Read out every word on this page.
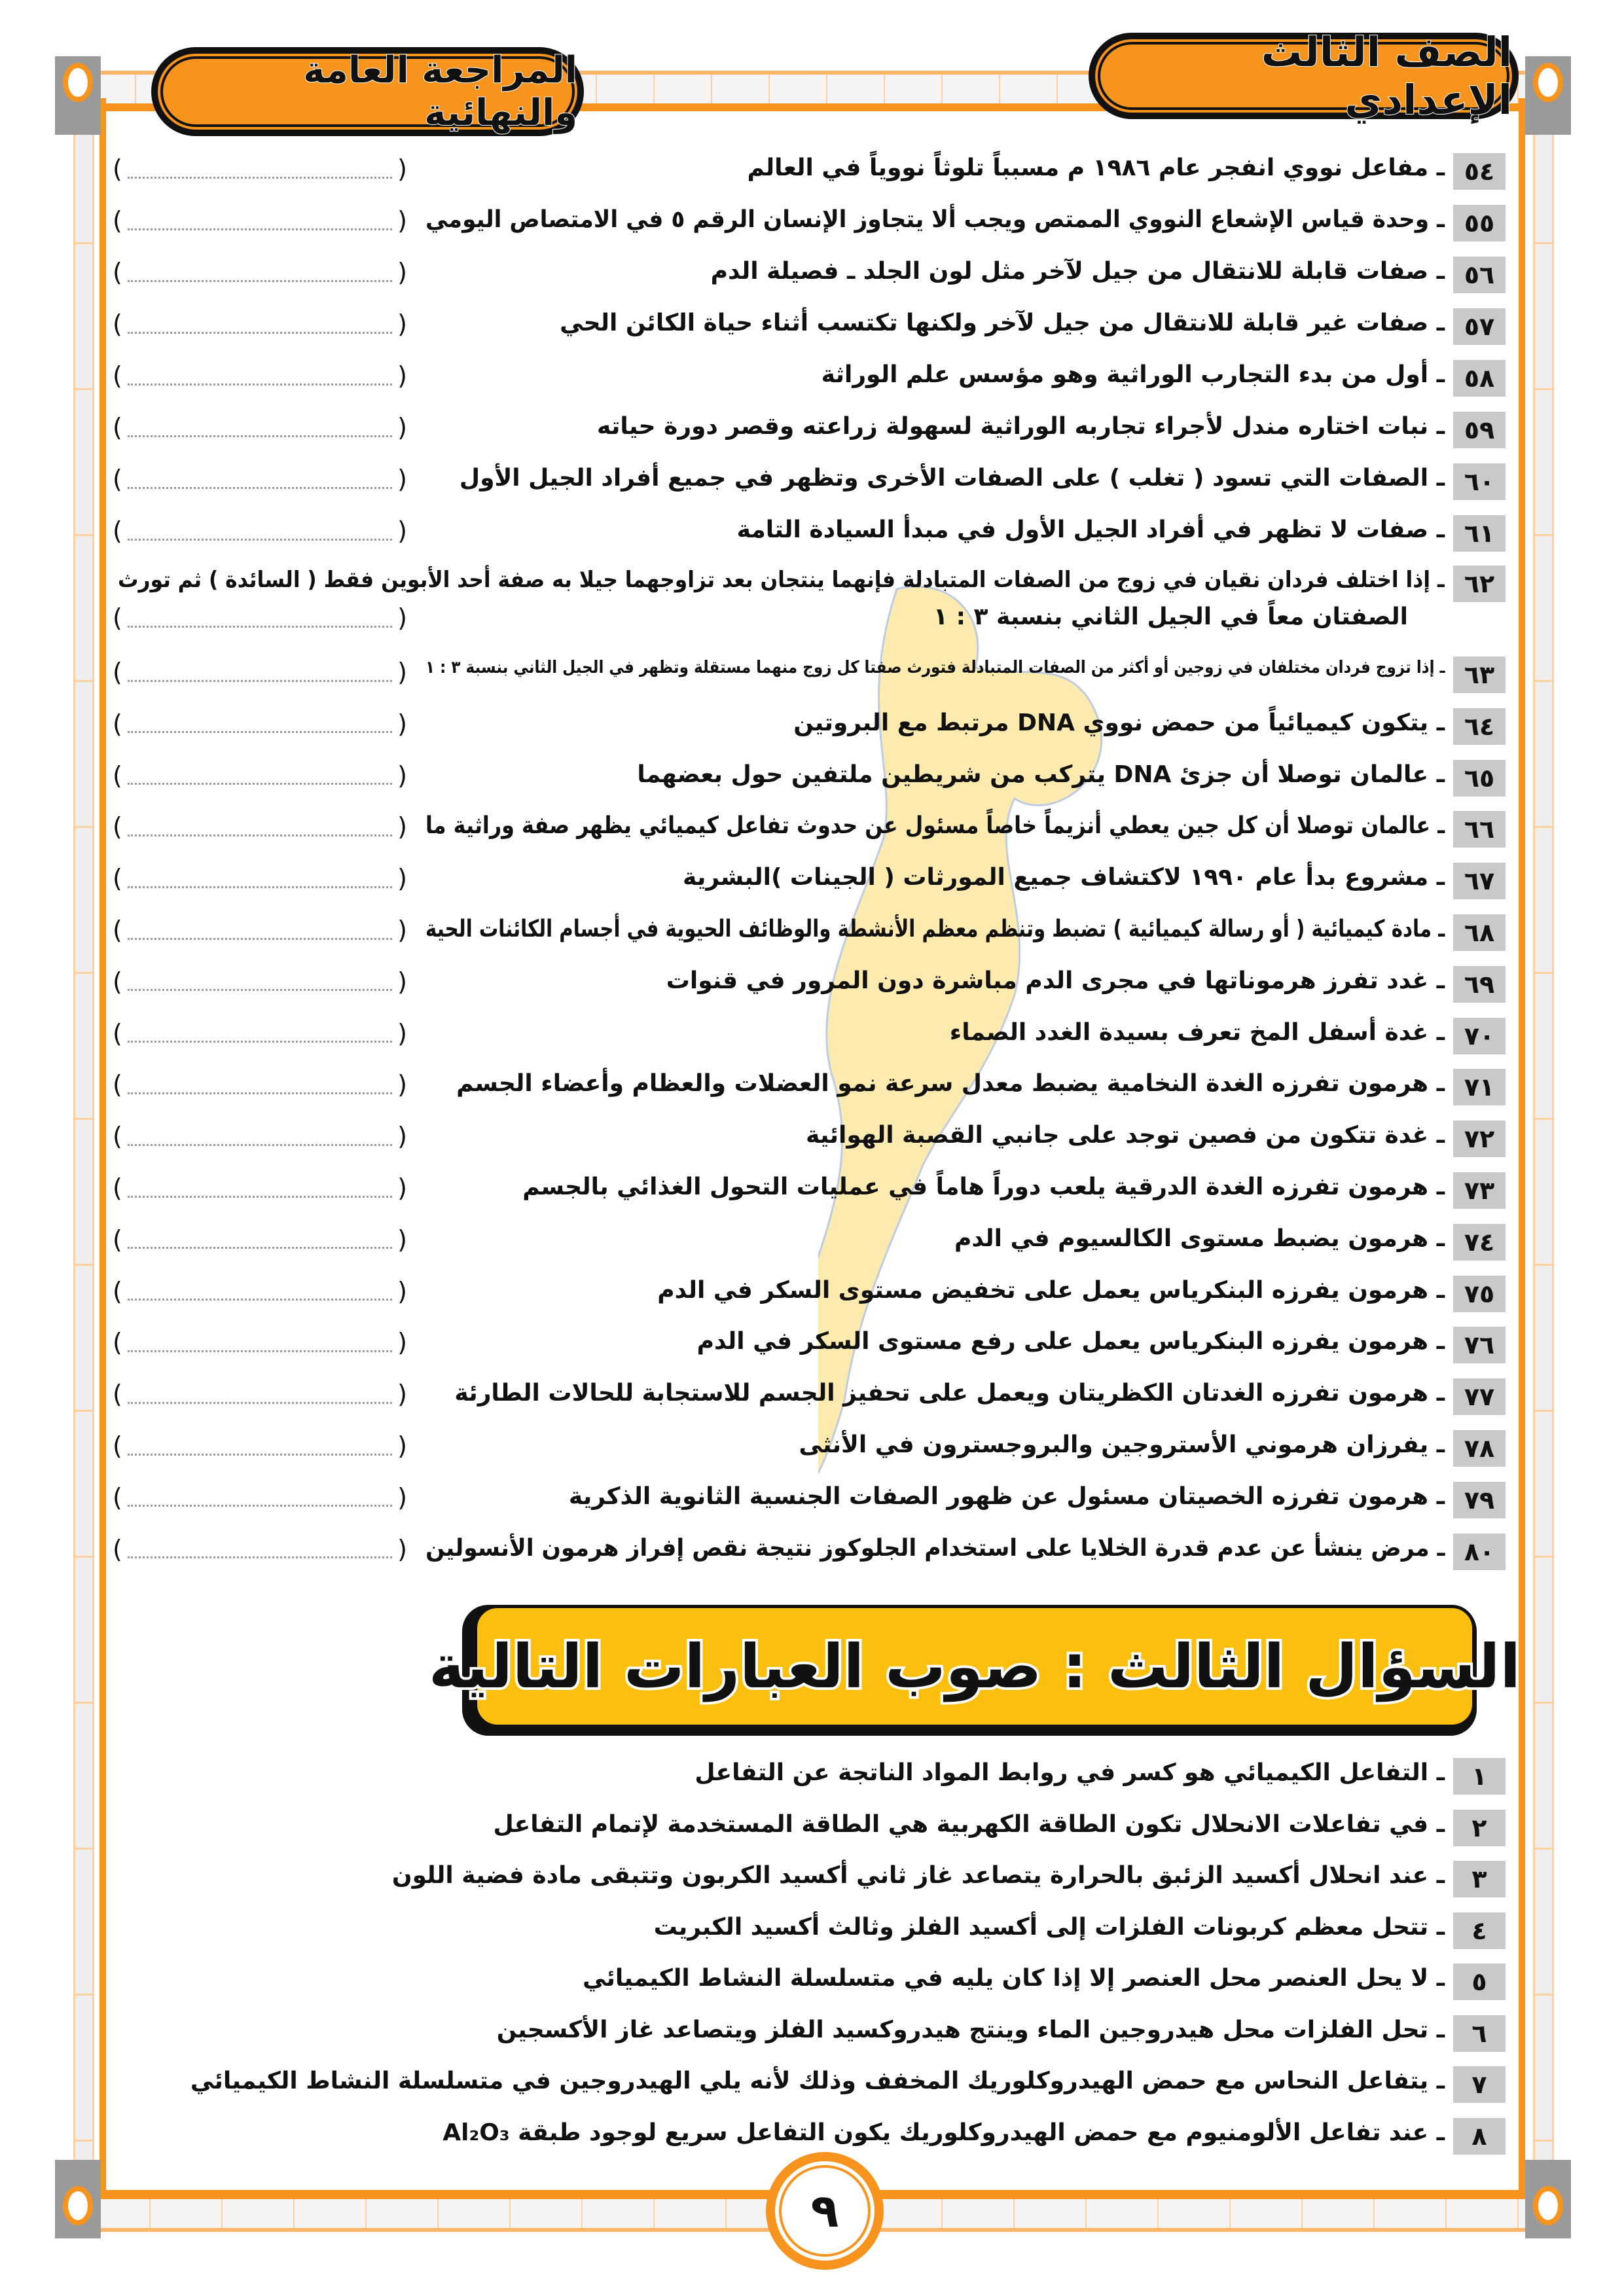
الصف الثالث الإعدادي
المراجعة العامة والنهائية
٥٤
ـ مفاعل نووي انفجر عام ١٩٨٦ م مسبباً تلوثاً نووياً في العالم
(	)
٥٥
ـ وحدة قياس الإشعاع النووي الممتص ويجب ألا يتجاوز الإنسان الرقم ٥ في الامتصاص اليومي
(	)
٥٦
ـ صفات قابلة للانتقال من جيل لآخر مثل لون الجلد ـ فصيلة الدم
(	)
٥٧
ـ صفات غير قابلة للانتقال من جيل لآخر ولكنها تكتسب أثناء حياة الكائن الحي
(	)
٥٨
ـ أول من بدء التجارب الوراثية وهو مؤسس علم الوراثة
(	)
٥٩
ـ نبات اختاره مندل لأجراء تجاربه الوراثية لسهولة زراعته وقصر دورة حياته
(	)
٦٠
ـ الصفات التي تسود ( تغلب ) على الصفات الأخرى وتظهر في جميع أفراد الجيل الأول
(	)
٦١
ـ صفات لا تظهر في أفراد الجيل الأول في مبدأ السيادة التامة
(	)
٦٢
ـ إذا اختلف فردان نقيان في زوج من الصفات المتبادلة فإنهما ينتجان بعد تزاوجهما جيلا به صفة أحد الأبوين فقط ( السائدة ) ثم تورث
الصفتان معاً في الجيل الثاني بنسبة ٣ : ١
(	)
٦٣
ـ إذا تزوج فردان مختلفان في زوجين أو أكثر من الصفات المتبادلة فتورث صفتا كل زوج منهما مستقلة وتظهر في الجيل الثاني بنسبة ٣ : ١
(	)
٦٤
ـ يتكون كيميائياً من حمض نووي DNA مرتبط مع البروتين
(	)
٦٥
ـ عالمان توصلا أن جزئ DNA يتركب من شريطين ملتفين حول بعضهما
(	)
٦٦
ـ عالمان توصلا أن كل جين يعطي أنزيماً خاصاً مسئول عن حدوث تفاعل كيميائي يظهر صفة وراثية ما
(	)
٦٧
ـ مشروع بدأ عام ١٩٩٠ لاكتشاف جميع المورثات ( الجينات )البشرية
(	)
٦٨
ـ مادة كيميائية ( أو رسالة كيميائية ) تضبط وتنظم معظم الأنشطة والوظائف الحيوية في أجسام الكائنات الحية
(	)
٦٩
ـ غدد تفرز هرموناتها في مجرى الدم مباشرة دون المرور في قنوات
(	)
٧٠
ـ غدة أسفل المخ تعرف بسيدة الغدد الصماء
(	)
٧١
ـ هرمون تفرزه الغدة النخامية يضبط معدل سرعة نمو العضلات والعظام وأعضاء الجسم
(	)
٧٢
ـ غدة تتكون من فصين توجد على جانبي القصبة الهوائية
(	)
٧٣
ـ هرمون تفرزه الغدة الدرقية يلعب دوراً هاماً في عمليات التحول الغذائي بالجسم
(	)
٧٤
ـ هرمون يضبط مستوى الكالسيوم في الدم
(	)
٧٥
ـ هرمون يفرزه البنكرياس يعمل على تخفيض مستوى السكر في الدم
(	)
٧٦
ـ هرمون يفرزه البنكرياس يعمل على رفع مستوى السكر في الدم
(	)
٧٧
ـ هرمون تفرزه الغدتان الكظريتان ويعمل على تحفيز الجسم للاستجابة للحالات الطارئة
(	)
٧٨
ـ يفرزان هرموني الأستروجين والبروجسترون في الأنثى
(	)
٧٩
ـ هرمون تفرزه الخصيتان مسئول عن ظهور الصفات الجنسية الثانوية الذكرية
(	)
٨٠
ـ مرض ينشأ عن عدم قدرة الخلايا على استخدام الجلوكوز نتيجة نقص إفراز هرمون الأنسولين
(	)
السؤال الثالث : صوب العبارات التالية
١
ـ التفاعل الكيميائي هو كسر في روابط المواد الناتجة عن التفاعل
٢
ـ في تفاعلات الانحلال تكون الطاقة الكهربية هي الطاقة المستخدمة لإتمام التفاعل
٣
ـ عند انحلال أكسيد الزئبق بالحرارة يتصاعد غاز ثاني أكسيد الكربون وتتبقى مادة فضية اللون
٤
ـ تتحل معظم كربونات الفلزات إلى أكسيد الفلز وثالث أكسيد الكبريت
٥
ـ لا يحل العنصر محل العنصر إلا إذا كان يليه في متسلسلة النشاط الكيميائي
٦
ـ تحل الفلزات محل هيدروجين الماء وينتج هيدروكسيد الفلز ويتصاعد غاز الأكسجين
٧
ـ يتفاعل النحاس مع حمض الهيدروكلوريك المخفف وذلك لأنه يلي الهيدروجين في متسلسلة النشاط الكيميائي
٨
ـ عند تفاعل الألومنيوم مع حمض الهيدروكلوريك يكون التفاعل سريع لوجود طبقة Al₂O₃
٩
